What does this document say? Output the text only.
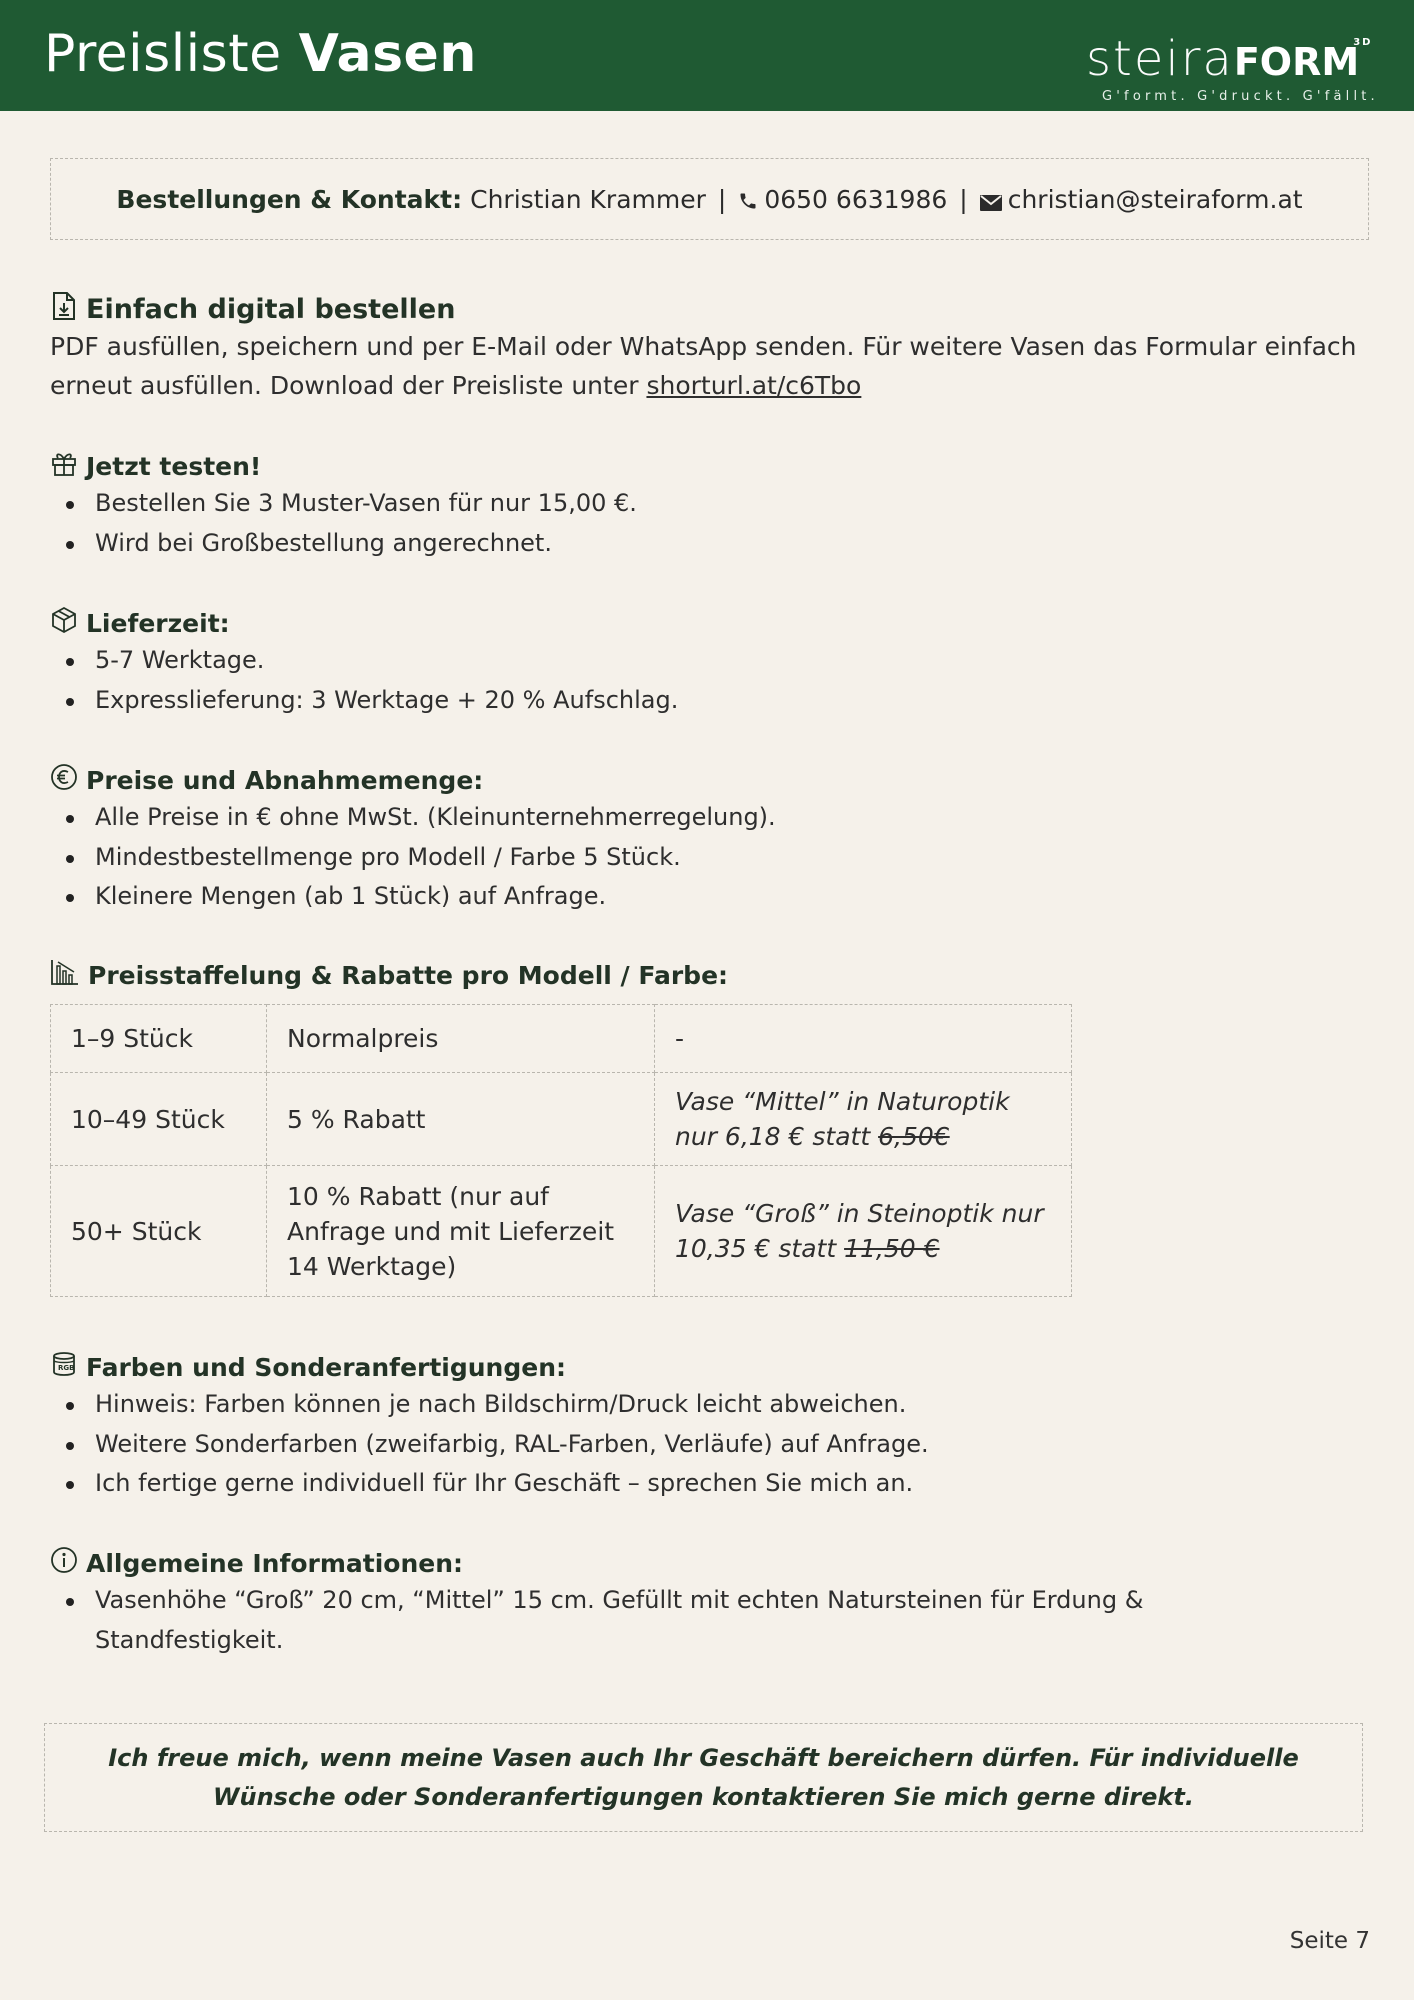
Preisliste Vasen	steiraFORM$^{3D}$
G'formt. G'druckt. G'fällt.
Bestellungen & Kontakt: Christian Krammer | 0650 6631986 | christian@steiraform.at
Einfach digital bestellen
PDF ausfüllen, speichern und per E-Mail oder WhatsApp senden. Für weitere Vasen das Formular einfach erneut ausfüllen. Download der Preisliste unter shorturl.at/c6Tbo
Jetzt testen!
Bestellen Sie 3 Muster-Vasen für nur 15,00 €.
Wird bei Großbestellung angerechnet.
Lieferzeit:
5-7 Werktage.
Expresslieferung: 3 Werktage + 20 % Aufschlag.
Preise und Abnahmemenge:
Alle Preise in € ohne MwSt. (Kleinunternehmerregelung).
Mindestbestellmenge pro Modell / Farbe 5 Stück.
Kleinere Mengen (ab 1 Stück) auf Anfrage.
Preisstaffelung & Rabatte pro Modell / Farbe:
1–9 Stück	Normalpreis	-
10–49 Stück	5 % Rabatt	Vase “Mittel” in Naturoptik nur 6,18 € statt 6,50€
50+ Stück	10 % Rabatt (nur auf Anfrage und mit Lieferzeit 14 Werktage)	Vase “Groß” in Steinoptik nur 10,35 € statt 11,50 €
RGB Farben und Sonderanfertigungen:
Hinweis: Farben können je nach Bildschirm/Druck leicht abweichen.
Weitere Sonderfarben (zweifarbig, RAL-Farben, Verläufe) auf Anfrage.
Ich fertige gerne individuell für Ihr Geschäft – sprechen Sie mich an.
Allgemeine Informationen:
Vasenhöhe “Groß” 20 cm, “Mittel” 15 cm. Gefüllt mit echten Natursteinen für Erdung & Standfestigkeit.
Ich freue mich, wenn meine Vasen auch Ihr Geschäft bereichern dürfen. Für individuelle Wünsche oder Sonderanfertigungen kontaktieren Sie mich gerne direkt.
Seite 7
